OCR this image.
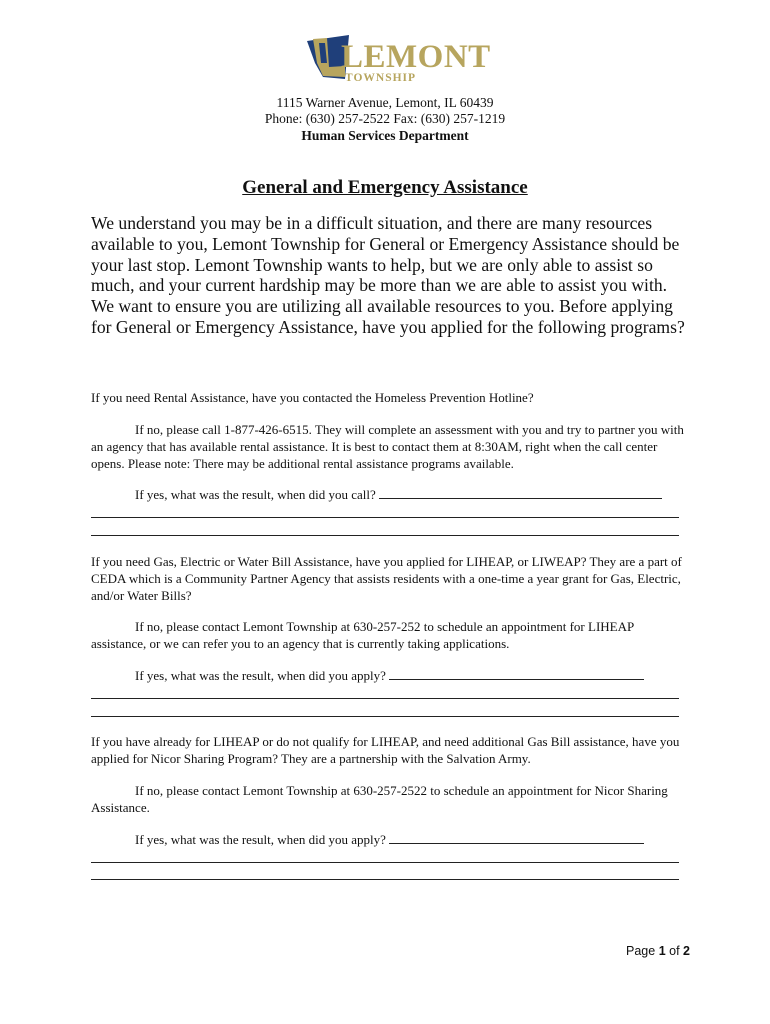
LEMONT
TOWNSHIP
1115 Warner Avenue, Lemont, IL 60439
Phone: (630) 257-2522 Fax: (630) 257-1219
Human Services Department
General and Emergency Assistance
We understand you may be in a difficult situation, and there are many resources available to you, Lemont Township for General or Emergency Assistance should be your last stop. Lemont Township wants to help, but we are only able to assist so much, and your current hardship may be more than we are able to assist you with. We want to ensure you are utilizing all available resources to you. Before applying for General or Emergency Assistance, have you applied for the following programs?
If you need Rental Assistance, have you contacted the Homeless Prevention Hotline?
If no, please call 1-877-426-6515. They will complete an assessment with you and try to partner you with an agency that has available rental assistance. It is best to contact them at 8:30AM, right when the call center opens. Please note: There may be additional rental assistance programs available.
If yes, what was the result, when did you call?
If you need Gas, Electric or Water Bill Assistance, have you applied for LIHEAP, or LIWEAP? They are a part of CEDA which is a Community Partner Agency that assists residents with a one-time a year grant for Gas, Electric, and/or Water Bills?
If no, please contact Lemont Township at 630-257-252 to schedule an appointment for LIHEAP assistance, or we can refer you to an agency that is currently taking applications.
If yes, what was the result, when did you apply?
If you have already for LIHEAP or do not qualify for LIHEAP, and need additional Gas Bill assistance, have you applied for Nicor Sharing Program? They are a partnership with the Salvation Army.
If no, please contact Lemont Township at 630-257-2522 to schedule an appointment for Nicor Sharing Assistance.
If yes, what was the result, when did you apply?
Page 1 of 2
